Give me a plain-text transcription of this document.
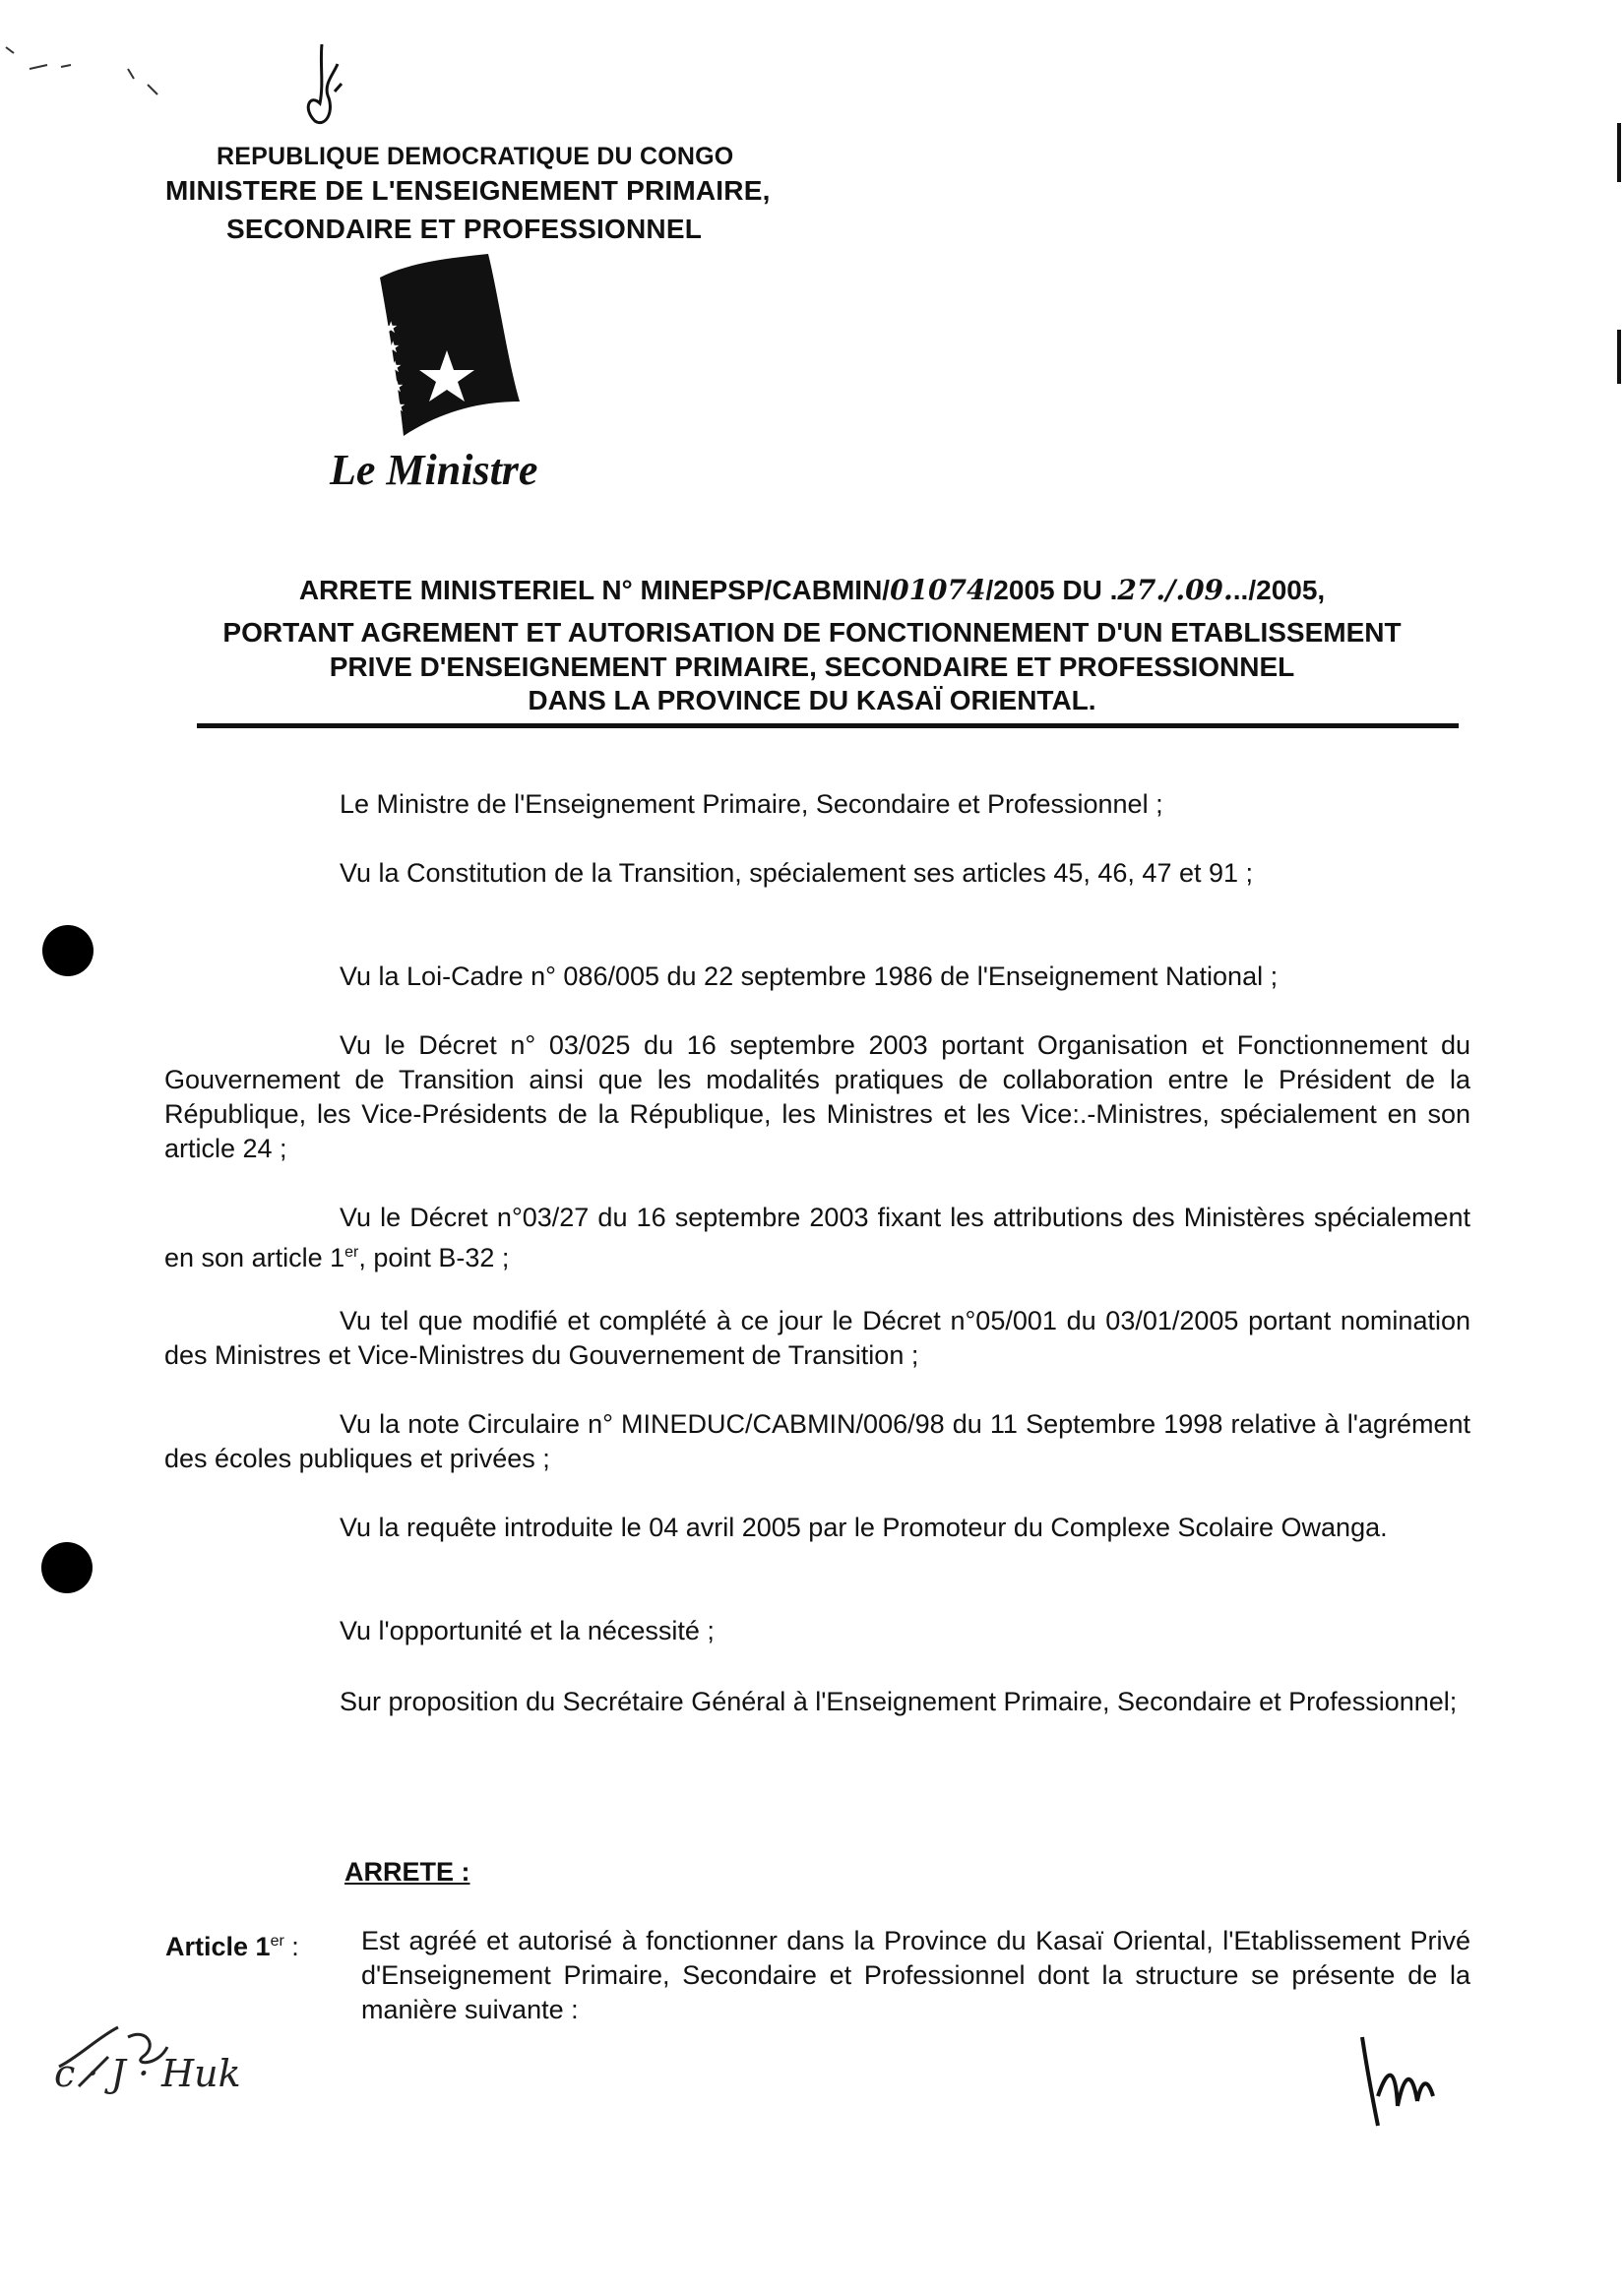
REPUBLIQUE DEMOCRATIQUE DU CONGO
MINISTERE DE L'ENSEIGNEMENT PRIMAIRE,
SECONDAIRE ET PROFESSIONNEL
★
★
★
★
★
Le Ministre
ARRETE MINISTERIEL N° MINEPSP/CABMIN/01074/2005 DU .27./.09.../2005,
PORTANT AGREMENT ET AUTORISATION DE FONCTIONNEMENT D'UN ETABLISSEMENT
PRIVE D'ENSEIGNEMENT PRIMAIRE, SECONDAIRE ET PROFESSIONNEL
DANS LA PROVINCE DU KASAÏ ORIENTAL.
Le Ministre de l'Enseignement Primaire, Secondaire et Professionnel ;
Vu la Constitution de la Transition, spécialement ses articles 45, 46, 47 et 91 ;
Vu la Loi-Cadre n° 086/005 du 22 septembre 1986 de l'Enseignement National ;
Vu le Décret n° 03/025 du 16 septembre 2003 portant Organisation et Fonctionnement du Gouvernement de Transition ainsi que les modalités pratiques de collaboration entre le Président de la République, les Vice-Présidents de la République, les Ministres et les Vice:.-Ministres, spécialement en son article 24 ;
Vu le Décret n°03/27 du 16 septembre 2003 fixant les attributions des Ministères spécialement en son article 1er, point B-32 ;
Vu tel que modifié et complété à ce jour le Décret n°05/001 du 03/01/2005 portant nomination des Ministres et Vice-Ministres du Gouvernement de Transition ;
Vu la note Circulaire n° MINEDUC/CABMIN/006/98 du 11 Septembre 1998 relative à l'agrément des écoles publiques et privées ;
Vu la requête introduite le 04 avril 2005 par le Promoteur du Complexe Scolaire Owanga.
Vu l'opportunité et la nécessité ;
Sur proposition du Secrétaire Général à l'Enseignement Primaire, Secondaire et Professionnel;
ARRETE :
Article 1er :	Est agréé et autorisé à fonctionner dans la Province du Kasaï Oriental, l'Etablissement Privé d'Enseignement Primaire, Secondaire et Professionnel dont la structure se présente de la manière suivante :
c · J · Huk
